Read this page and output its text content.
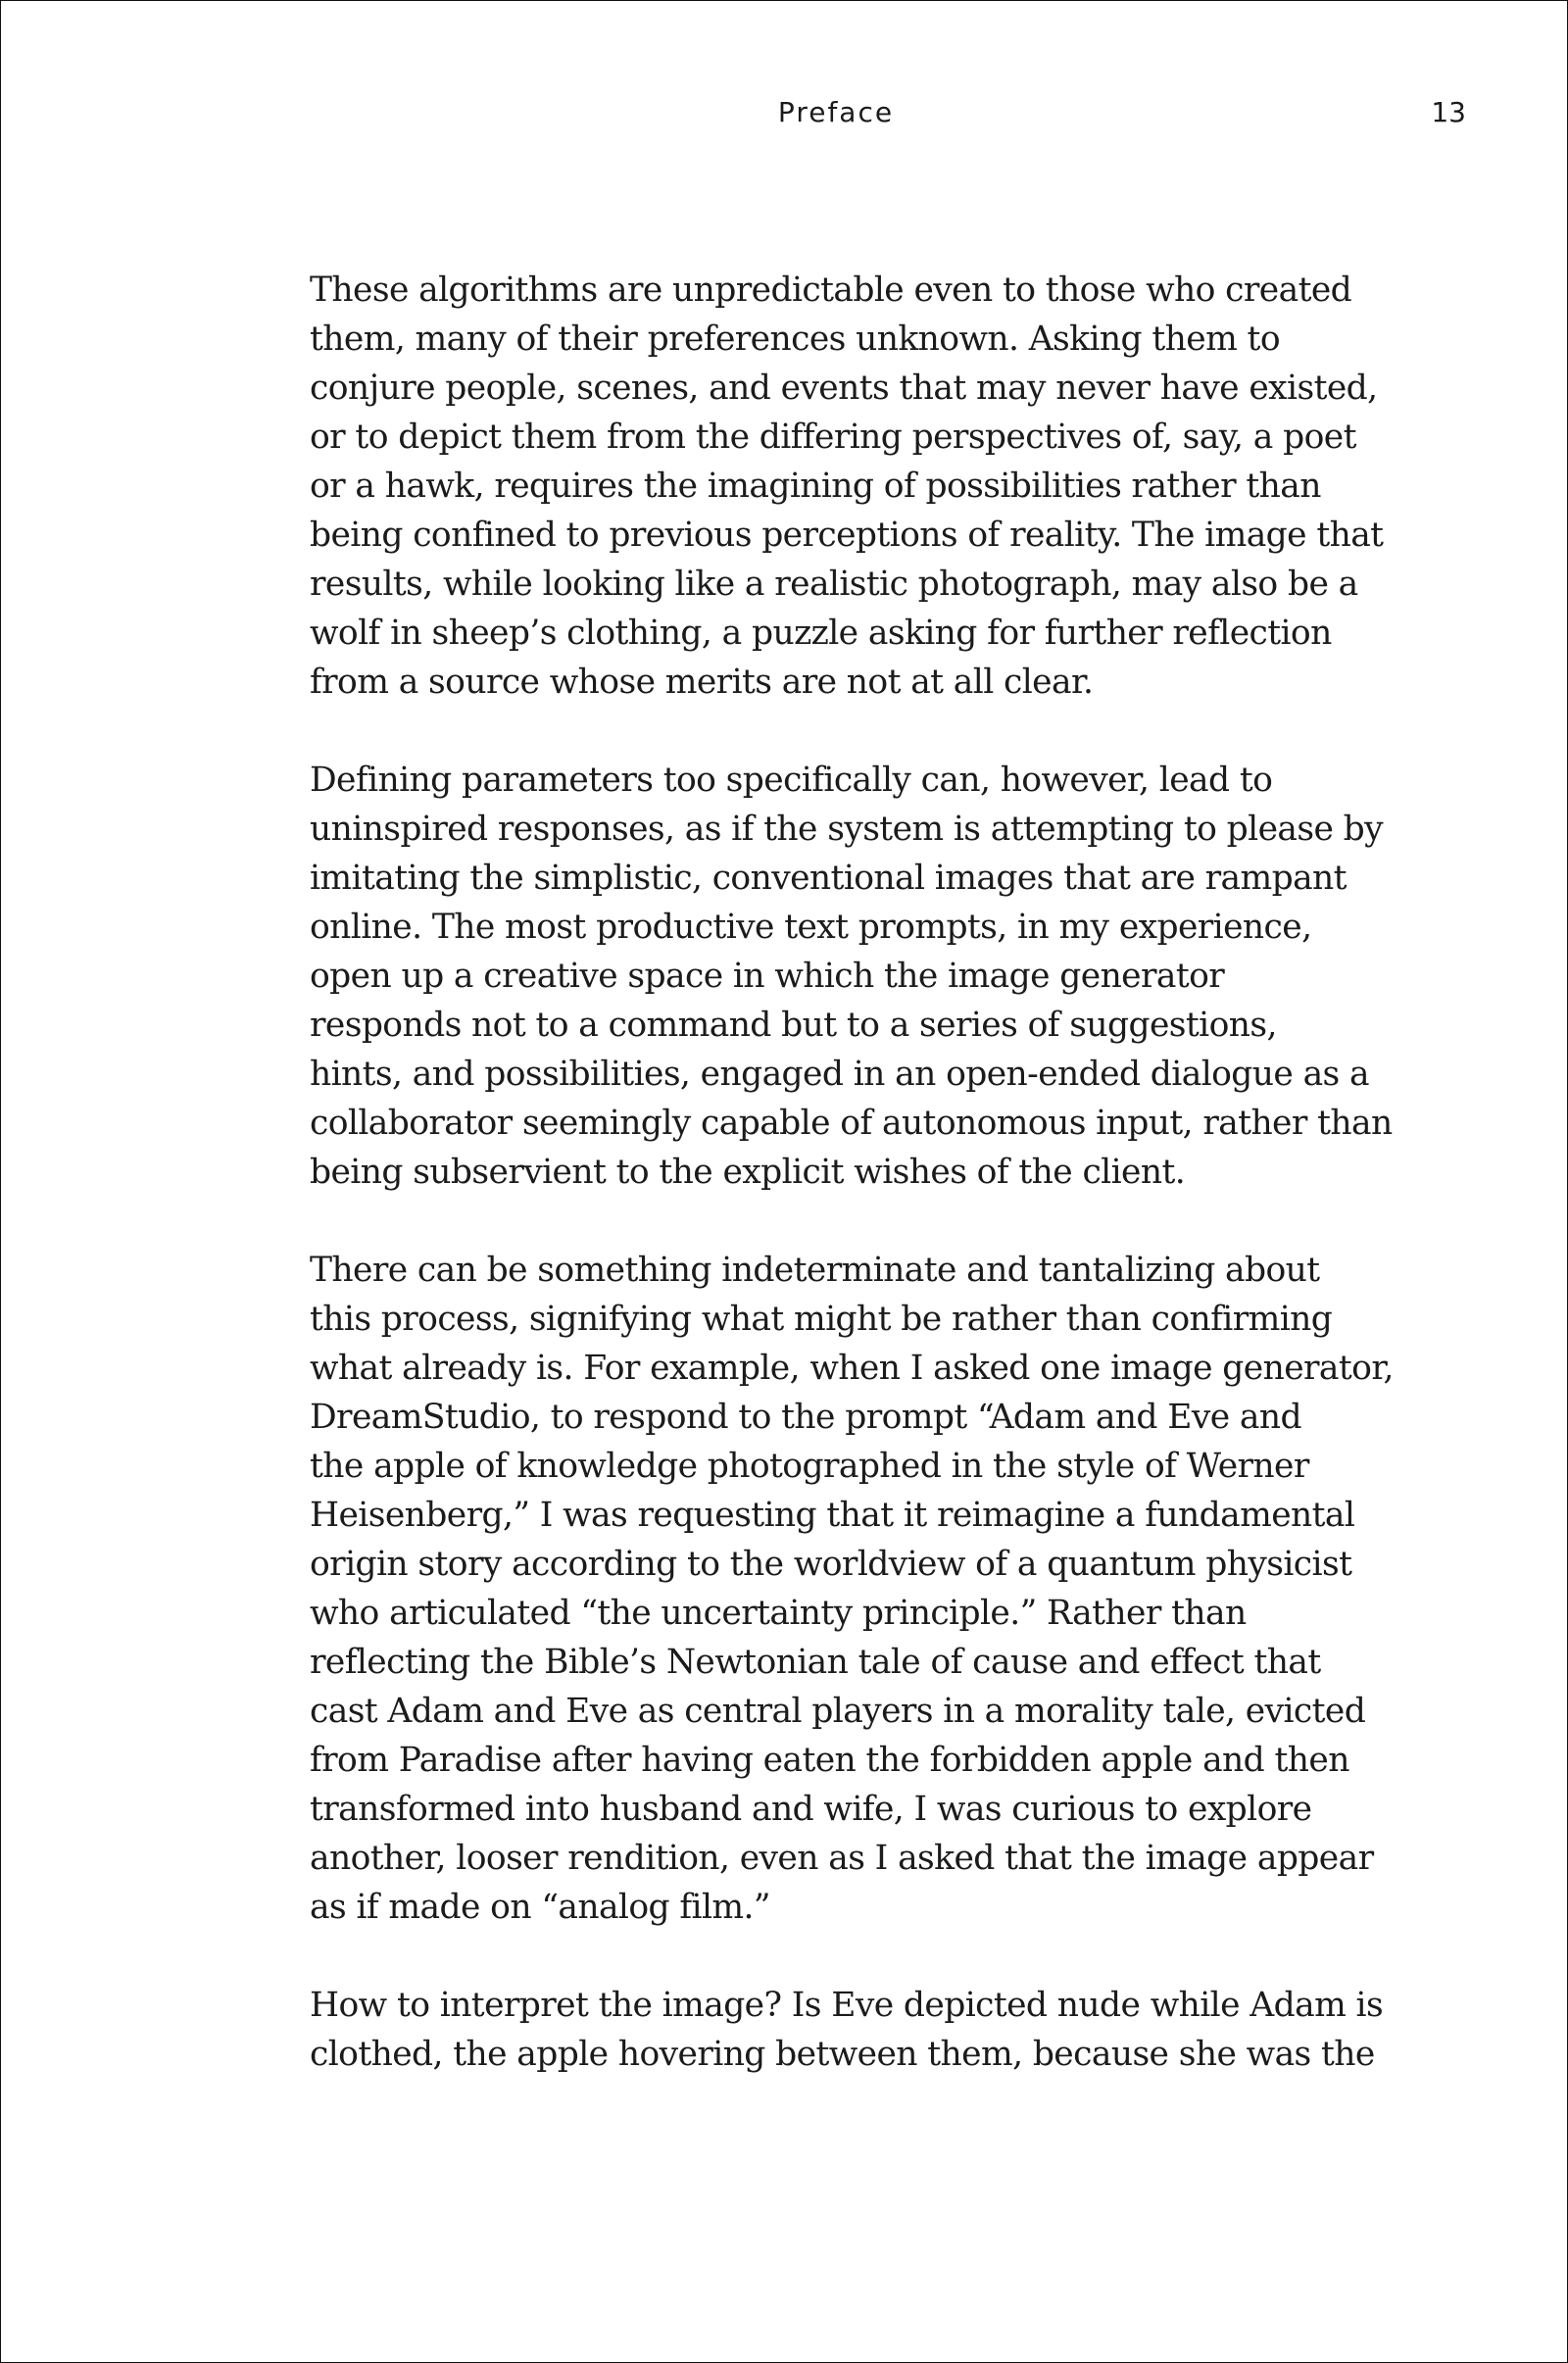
Preface	13

These algorithms are unpredictable even to those who created
them, many of their preferences unknown. Asking them to
conjure people, scenes, and events that may never have existed,
or to depict them from the differing perspectives of, say, a poet
or a hawk, requires the imagining of possibilities rather than
being confined to previous perceptions of reality. The image that
results, while looking like a realistic photograph, may also be a
wolf in sheep’s clothing, a puzzle asking for further reflection
from a source whose merits are not at all clear.

Defining parameters too specifically can, however, lead to
uninspired responses, as if the system is attempting to please by
imitating the simplistic, conventional images that are rampant
online. The most productive text prompts, in my experience,
open up a creative space in which the image generator
responds not to a command but to a series of suggestions,
hints, and possibilities, engaged in an open-ended dialogue as a
collaborator seemingly capable of autonomous input, rather than
being subservient to the explicit wishes of the client.

There can be something indeterminate and tantalizing about
this process, signifying what might be rather than confirming
what already is. For example, when I asked one image generator,
DreamStudio, to respond to the prompt “Adam and Eve and
the apple of knowledge photographed in the style of Werner
Heisenberg,” I was requesting that it reimagine a fundamental
origin story according to the worldview of a quantum physicist
who articulated “the uncertainty principle.” Rather than
reflecting the Bible’s Newtonian tale of cause and effect that
cast Adam and Eve as central players in a morality tale, evicted
from Paradise after having eaten the forbidden apple and then
transformed into husband and wife, I was curious to explore
another, looser rendition, even as I asked that the image appear
as if made on “analog film.”

How to interpret the image? Is Eve depicted nude while Adam is
clothed, the apple hovering between them, because she was the
